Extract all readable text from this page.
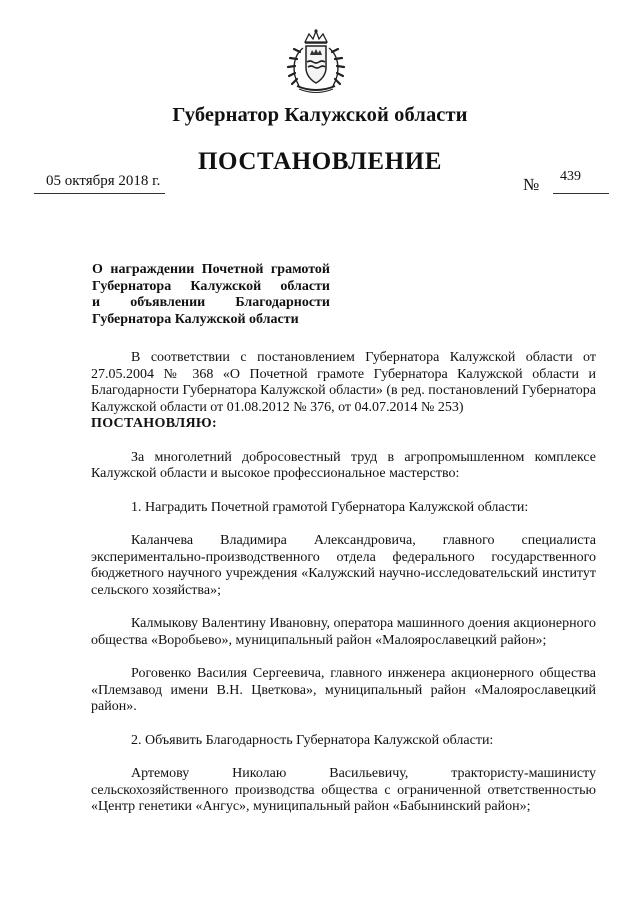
Губернатор Калужской области
ПОСТАНОВЛЕНИЕ
05 октября 2018 г.	№ 439
О награждении Почетной грамотой
Губернатора Калужской области
и объявлении Благодарности
Губернатора Калужской области

В соответствии с постановлением Губернатора Калужской области от 27.05.2004 № 368 «О Почетной грамоте Губернатора Калужской области и Благодарности Губернатора Калужской области» (в ред. постановлений Губернатора Калужской области от 01.08.2012 № 376, от 04.07.2014 № 253)

ПОСТАНОВЛЯЮ:

За многолетний добросовестный труд в агропромышленном комплексе Калужской области и высокое профессиональное мастерство:

1. Наградить Почетной грамотой Губернатора Калужской области:

Каланчева Владимира Александровича, главного специалиста экспериментально-производственного отдела федерального государственного бюджетного научного учреждения «Калужский научно-исследовательский институт сельского хозяйства»;

Калмыкову Валентину Ивановну, оператора машинного доения акционерного общества «Воробьево», муниципальный район «Малоярославецкий район»;

Роговенко Василия Сергеевича, главного инженера акционерного общества «Племзавод имени В.Н. Цветкова», муниципальный район «Малоярославецкий район».

2. Объявить Благодарность Губернатора Калужской области:

Артемову Николаю Васильевичу, трактористу-машинисту сельскохозяйственного производства общества с ограниченной ответственностью «Центр генетики «Ангус», муниципальный район «Бабынинский район»;
